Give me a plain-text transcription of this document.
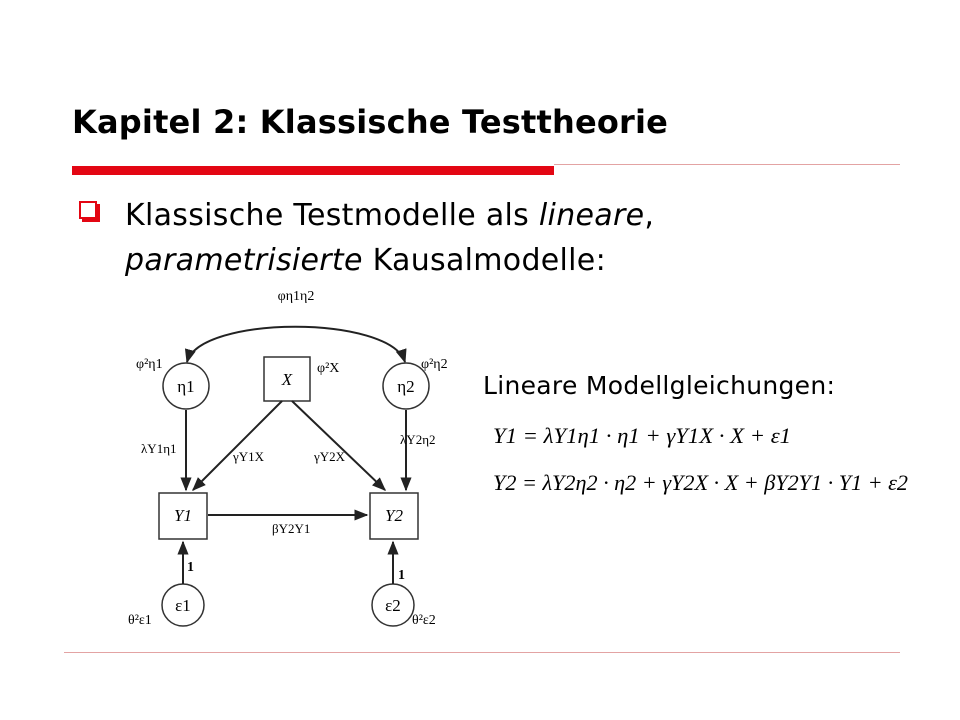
Kapitel 2: Klassische Testtheorie
Klassische Testmodelle als lineare,
parametrisierte Kausalmodelle:
φη1η2
η1	η2
X
Y1	Y2
ε1	ε2
φ²η1	φ²η2
φ²X
λY1η1
λY2η2
γY1X	γY2X
βY2Y1
1
1
θ²ε1	θ²ε2
Lineare Modellgleichungen:
Y1 = λY1η1 · η1 + γY1X · X + ε1
Y2 = λY2η2 · η2 + γY2X · X + βY2Y1 · Y1 + ε2
